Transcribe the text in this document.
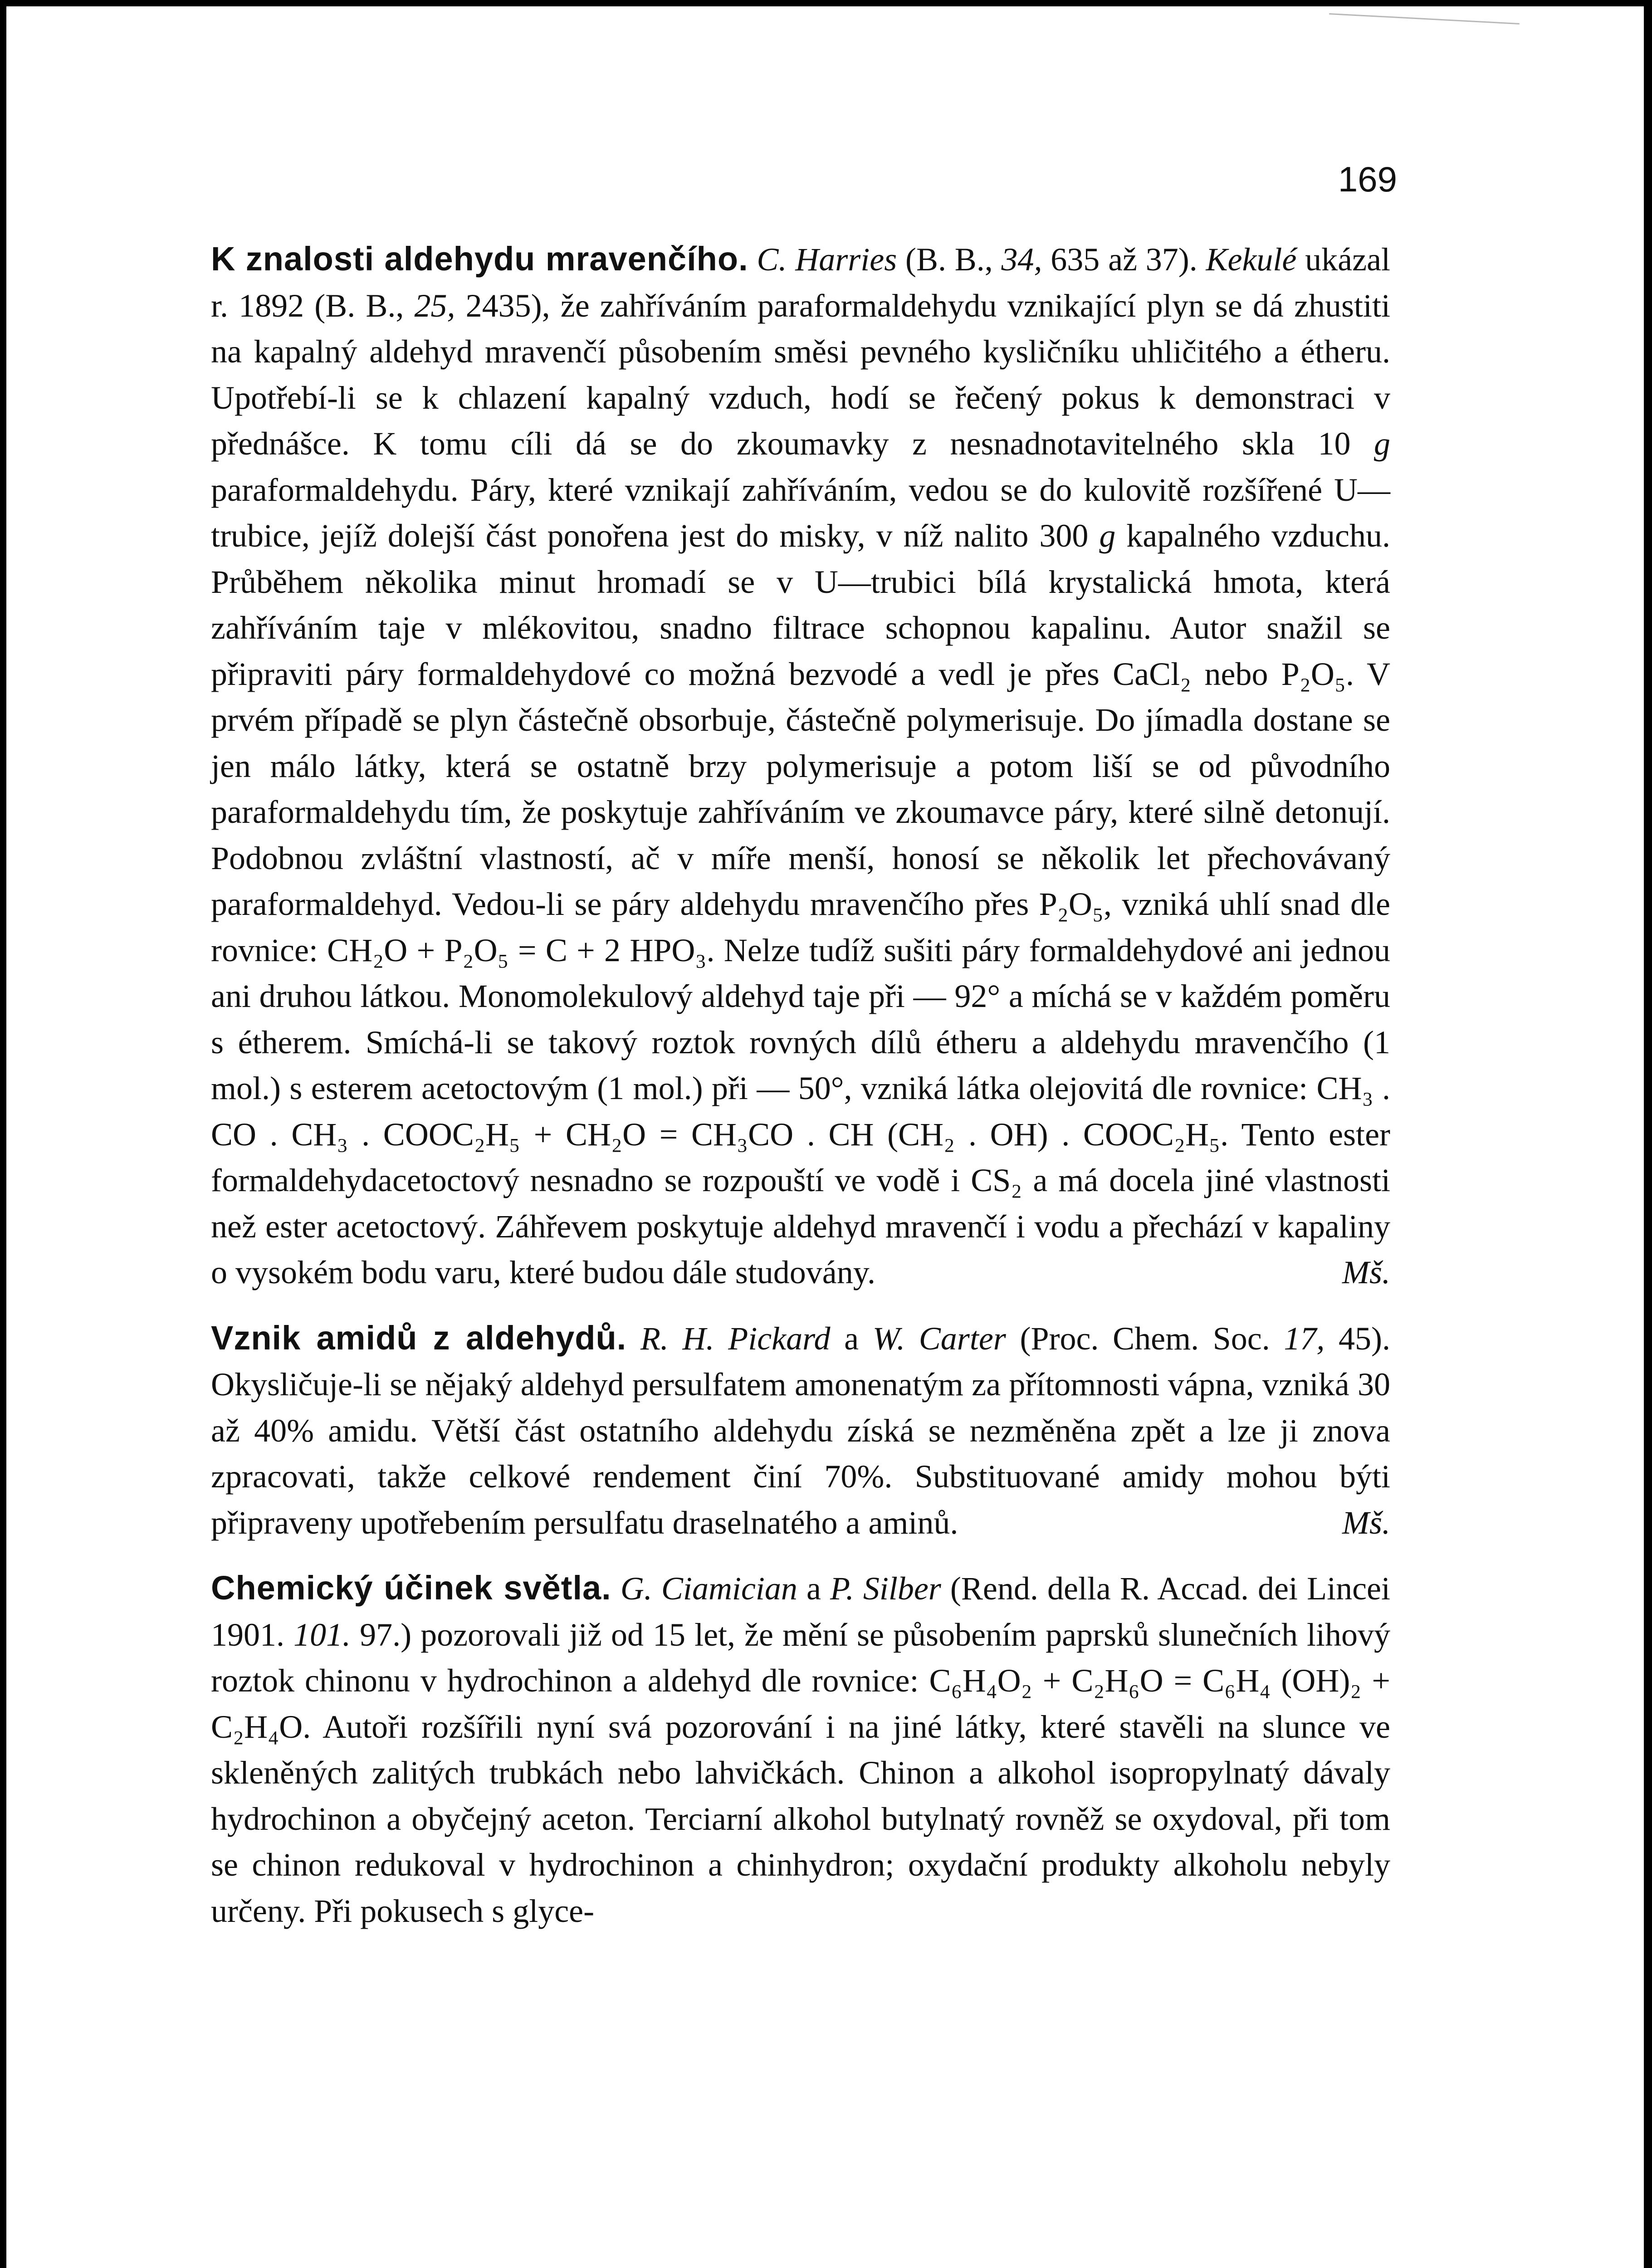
169

K znalosti aldehydu mravenčího. C. Harries (B. B., 34, 635 až 37). Kekulé ukázal r. 1892 (B. B., 25, 2435), že zahříváním paraformaldehydu vznikající plyn se dá zhustiti na kapalný aldehyd mravenčí působením směsi pevného kysličníku uhličitého a étheru. Upotřebí-li se k chlazení kapalný vzduch, hodí se řečený pokus k demonstraci v přednášce. K tomu cíli dá se do zkoumavky z nesnadnotavitelného skla 10 g paraformaldehydu. Páry, které vznikají zahříváním, vedou se do kulovitě rozšířené U—trubice, jejíž dolejší část ponořena jest do misky, v níž nalito 300 g kapalného vzduchu. Průběhem několika minut hromadí se v U—trubici bílá krystalická hmota, která zahříváním taje v mlékovitou, snadno filtrace schopnou kapalinu. Autor snažil se připraviti páry formaldehydové co možná bezvodé a vedl je přes CaCl₂ nebo P₂O₅. V prvém případě se plyn částečně obsorbuje, částečně polymerisuje. Do jímadla dostane se jen málo látky, která se ostatně brzy polymerisuje a potom liší se od původního paraformaldehydu tím, že poskytuje zahříváním ve zkoumavce páry, které silně detonují. Podobnou zvláštní vlastností, ač v míře menší, honosí se několik let přechovávaný paraformaldehyd. Vedou-li se páry aldehydu mravenčího přes P₂O₅, vzniká uhlí snad dle rovnice: CH₂O + P₂O₅ = C + 2 HPO₃. Nelze tudíž sušiti páry formaldehydové ani jednou ani druhou látkou. Monomolekulový aldehyd taje při — 92° a míchá se v každém poměru s étherem. Smíchá-li se takový roztok rovných dílů étheru a aldehydu mravenčího (1 mol.) s esterem acetoctovým (1 mol.) při — 50°, vzniká látka olejovitá dle rovnice: CH₃ . CO . CH₃ . COOC₂H₅ + CH₂O = CH₃CO . CH (CH₂ . OH) . COOC₂H₅. Tento ester formaldehydacetoctový nesnadno se rozpouští ve vodě i CS₂ a má docela jiné vlastnosti než ester acetoctový. Záhřevem poskytuje aldehyd mravenčí i vodu a přechází v kapaliny o vysokém bodu varu, které budou dále studovány.	Mš.

Vznik amidů z aldehydů. R. H. Pickard a W. Carter (Proc. Chem. Soc. 17, 45). Okysličuje-li se nějaký aldehyd persulfatem amonenatým za přítomnosti vápna, vzniká 30 až 40% amidu. Větší část ostatního aldehydu získá se nezměněna zpět a lze ji znova zpracovati, takže celkové rendement činí 70%. Substituované amidy mohou býti připraveny upotřebením persulfatu draselnatého a aminů.	Mš.

Chemický účinek světla. G. Ciamician a P. Silber (Rend. della R. Accad. dei Lincei 1901. 101. 97.) pozorovali již od 15 let, že mění se působením paprsků slunečních lihový roztok chinonu v hydrochinon a aldehyd dle rovnice: C₆H₄O₂ + C₂H₆O = C₆H₄ (OH)₂ + C₂H₄O. Autoři rozšířili nyní svá pozorování i na jiné látky, které stavěli na slunce ve skleněných zalitých trubkách nebo lahvičkách. Chinon a alkohol isopropylnatý dávaly hydrochinon a obyčejný aceton. Terciarní alkohol butylnatý rovněž se oxydoval, při tom se chinon redukoval v hydrochinon a chinhydron; oxydační produkty alkoholu nebyly určeny. Při pokusech s glyce-
